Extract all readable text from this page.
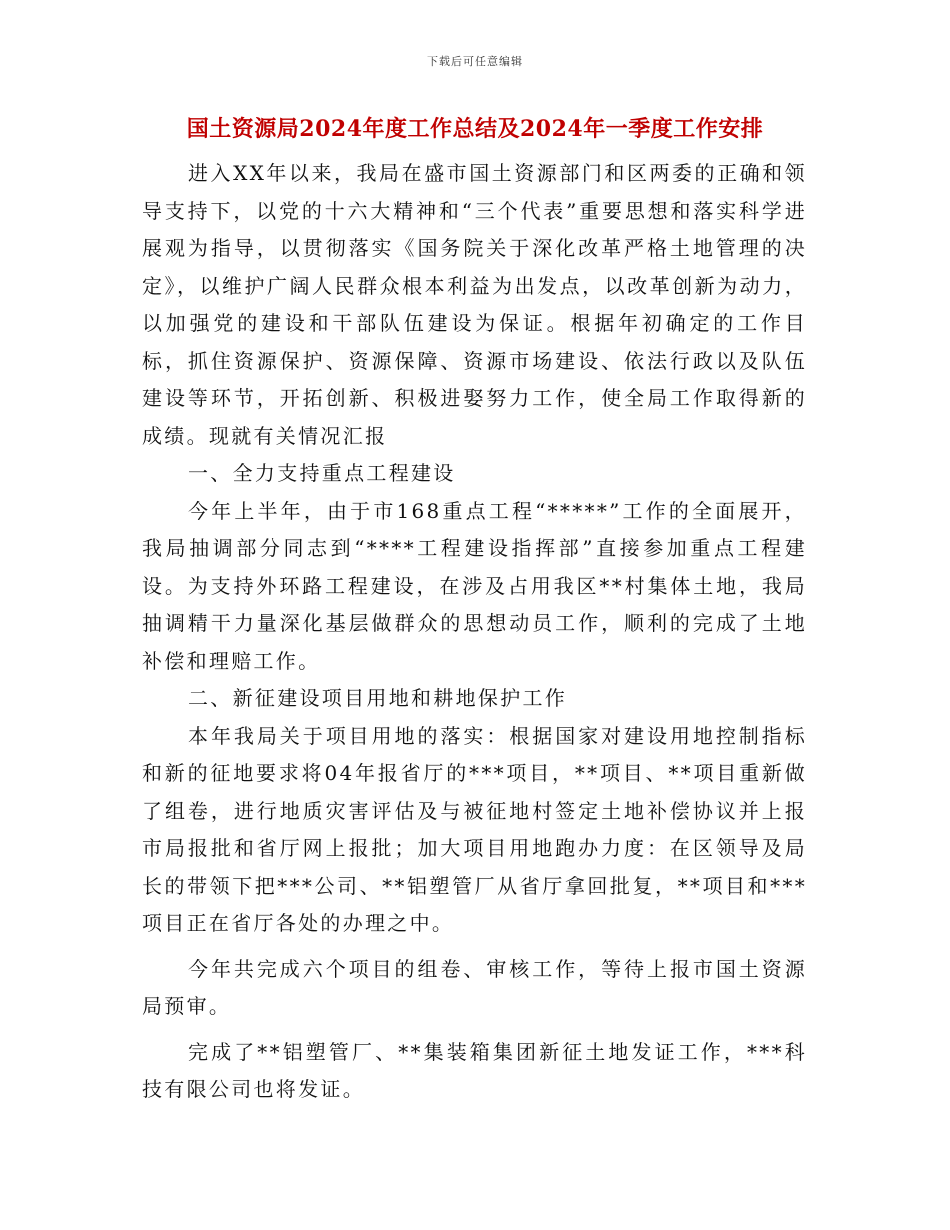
下载后可任意编辑
国土资源局2024年度工作总结及2024年一季度工作安排

进入XX年以来，我局在盛市国土资源部门和区两委的正确和领导支持下，以党的十六大精神和“三个代表”重要思想和落实科学进展观为指导，以贯彻落实《国务院关于深化改革严格土地管理的决定》，以维护广阔人民群众根本利益为出发点，以改革创新为动力，以加强党的建设和干部队伍建设为保证。根据年初确定的工作目标，抓住资源保护、资源保障、资源市场建设、依法行政以及队伍建设等环节，开拓创新、积极进娶努力工作，使全局工作取得新的成绩。现就有关情况汇报

一、全力支持重点工程建设

今年上半年，由于市168重点工程“*****”工作的全面展开，我局抽调部分同志到“****工程建设指挥部”直接参加重点工程建设。为支持外环路工程建设，在涉及占用我区**村集体土地，我局抽调精干力量深化基层做群众的思想动员工作，顺利的完成了土地补偿和理赔工作。

二、新征建设项目用地和耕地保护工作

本年我局关于项目用地的落实：根据国家对建设用地控制指标和新的征地要求将04年报省厅的***项目，**项目、**项目重新做了组卷，进行地质灾害评估及与被征地村签定土地补偿协议并上报市局报批和省厅网上报批；加大项目用地跑办力度：在区领导及局长的带领下把***公司、**铝塑管厂从省厅拿回批复，**项目和***项目正在省厅各处的办理之中。

今年共完成六个项目的组卷、审核工作，等待上报市国土资源局预审。

完成了**铝塑管厂、**集装箱集团新征土地发证工作，***科技有限公司也将发证。
